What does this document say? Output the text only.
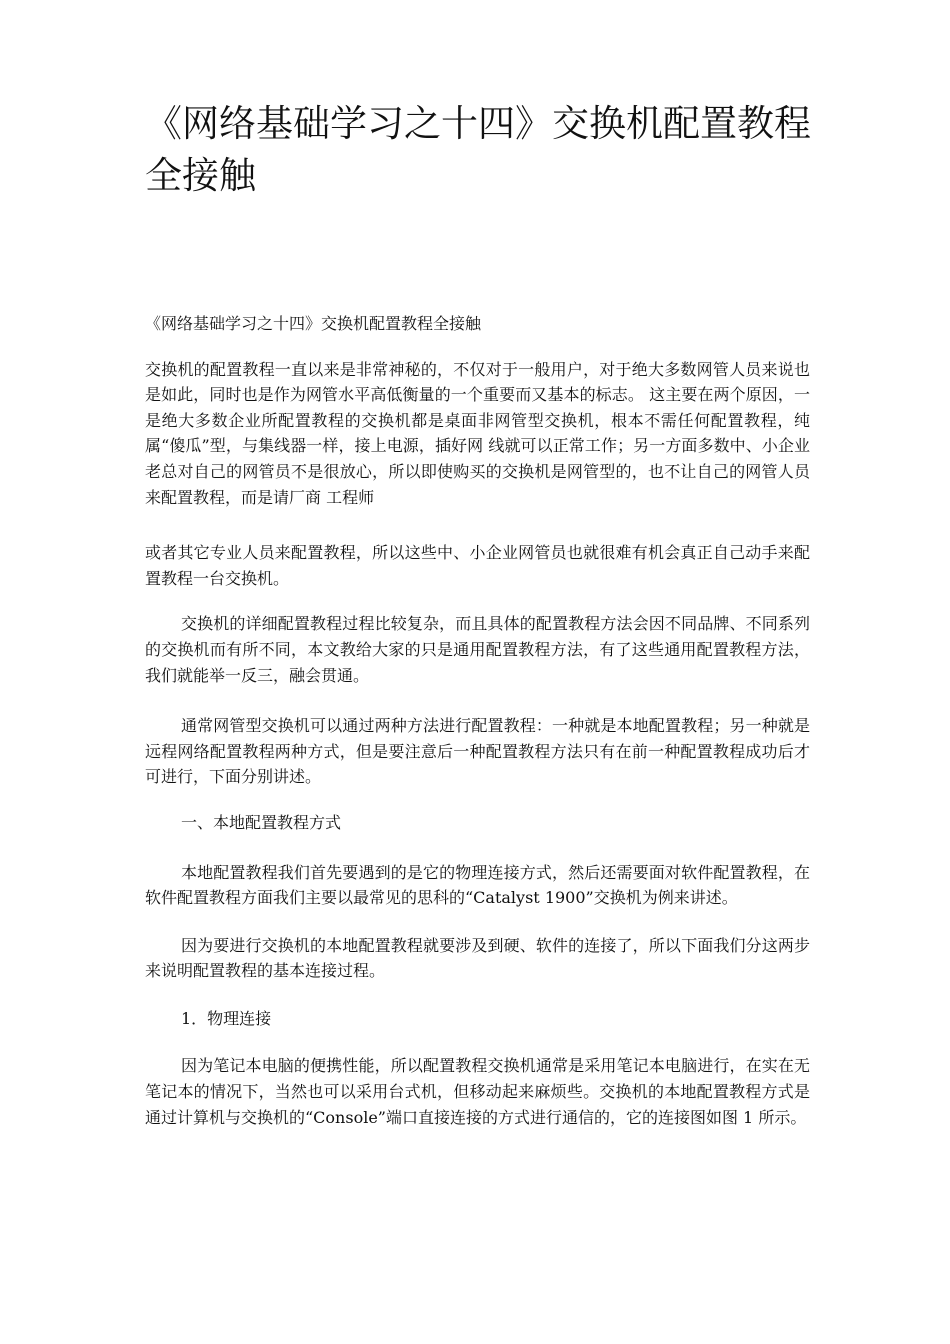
《网络基础学习之十四》交换机配置教程全接触

《网络基础学习之十四》交换机配置教程全接触

交换机的配置教程一直以来是非常神秘的，不仅对于一般用户，对于绝大多数网管人员来说也是如此，同时也是作为网管水平高低衡量的一个重要而又基本的标志。 这主要在两个原因，一是绝大多数企业所配置教程的交换机都是桌面非网管型交换机，根本不需任何配置教程，纯属“傻瓜”型，与集线器一样，接上电源，插好网 线就可以正常工作；另一方面多数中、小企业老总对自己的网管员不是很放心，所以即使购买的交换机是网管型的，也不让自己的网管人员来配置教程，而是请厂商 工程师

或者其它专业人员来配置教程，所以这些中、小企业网管员也就很难有机会真正自己动手来配置教程一台交换机。

交换机的详细配置教程过程比较复杂，而且具体的配置教程方法会因不同品牌、不同系列的交换机而有所不同，本文教给大家的只是通用配置教程方法，有了这些通用配置教程方法，我们就能举一反三，融会贯通。

通常网管型交换机可以通过两种方法进行配置教程：一种就是本地配置教程；另一种就是远程网络配置教程两种方式，但是要注意后一种配置教程方法只有在前一种配置教程成功后才可进行，下面分别讲述。

一、本地配置教程方式

本地配置教程我们首先要遇到的是它的物理连接方式，然后还需要面对软件配置教程，在软件配置教程方面我们主要以最常见的思科的“Catalyst 1900”交换机为例来讲述。

因为要进行交换机的本地配置教程就要涉及到硬、软件的连接了，所以下面我们分这两步来说明配置教程的基本连接过程。

1．物理连接

因为笔记本电脑的便携性能，所以配置教程交换机通常是采用笔记本电脑进行，在实在无笔记本的情况下，当然也可以采用台式机，但移动起来麻烦些。交换机的本地配置教程方式是通过计算机与交换机的“Console”端口直接连接的方式进行通信的，它的连接图如图 1 所示。
